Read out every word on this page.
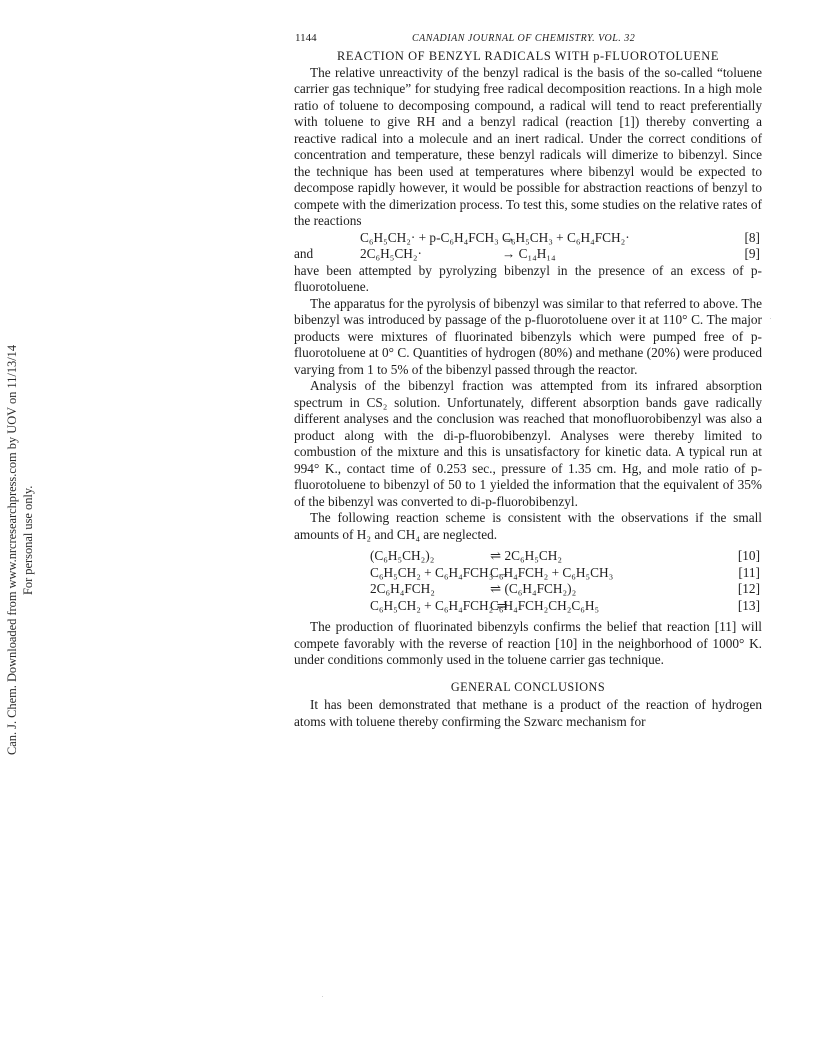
Can. J. Chem. Downloaded from www.nrcresearchpress.com by UOV on 11/13/14 For personal use only.
1144	CANADIAN JOURNAL OF CHEMISTRY. VOL. 32
REACTION OF BENZYL RADICALS WITH p-FLUOROTOLUENE

The relative unreactivity of the benzyl radical is the basis of the so-called “toluene carrier gas technique” for studying free radical decomposition reactions. In a high mole ratio of toluene to decomposing compound, a radical will tend to react preferentially with toluene to give RH and a benzyl radical (reaction [1]) thereby converting a reactive radical into a molecule and an inert radical. Under the correct conditions of concentration and temperature, these benzyl radicals will dimerize to bibenzyl. Since the technique has been used at temperatures where bibenzyl would be expected to decompose rapidly however, it would be possible for abstraction reactions of benzyl to compete with the dimerization process. To test this, some studies on the relative rates of the reactions

C₆H₅CH₂· + p-C₆H₄FCH₃ →
C₆H₅CH₃ + C₆H₄FCH₂·	[8]
and	2C₆H₅CH₂·	→ C₁₄H₁₄	[9]

have been attempted by pyrolyzing bibenzyl in the presence of an excess of p-fluorotoluene.

The apparatus for the pyrolysis of bibenzyl was similar to that referred to above. The bibenzyl was introduced by passage of the p-fluorotoluene over it at 110° C. The major products were mixtures of fluorinated bibenzyls which were pumped free of p-fluorotoluene at 0° C. Quantities of hydrogen (80%) and methane (20%) were produced varying from 1 to 5% of the bibenzyl passed through the reactor.

Analysis of the bibenzyl fraction was attempted from its infrared absorption spectrum in CS₂ solution. Unfortunately, different absorption bands gave radically different analyses and the conclusion was reached that monofluorobibenzyl was also a product along with the di-p-fluorobibenzyl. Analyses were thereby limited to combustion of the mixture and this is unsatisfactory for kinetic data. A typical run at 994° K., contact time of 0.253 sec., pressure of 1.35 cm. Hg, and mole ratio of p-fluorotoluene to bibenzyl of 50 to 1 yielded the information that the equivalent of 35% of the bibenzyl was converted to di-p-fluorobibenzyl.

The following reaction scheme is consistent with the observations if the small amounts of H₂ and CH₄ are neglected.

(C₆H₅CH₂)₂	⇌ 2C₆H₅CH₂	[10]
C₆H₅CH₂ + C₆H₄FCH₃ →
C₆H₄FCH₂ + C₆H₅CH₃	[11]
2C₆H₄FCH₂	⇌ (C₆H₄FCH₂)₂	[12]
C₆H₅CH₂ + C₆H₄FCH₂ ⇌
C₆H₄FCH₂CH₂C₆H₅	[13]

The production of fluorinated bibenzyls confirms the belief that reaction [11] will compete favorably with the reverse of reaction [10] in the neighborhood of 1000° K. under conditions commonly used in the toluene carrier gas technique.

GENERAL CONCLUSIONS

It has been demonstrated that methane is a product of the reaction of hydrogen atoms with toluene thereby confirming the Szwarc mechanism for
